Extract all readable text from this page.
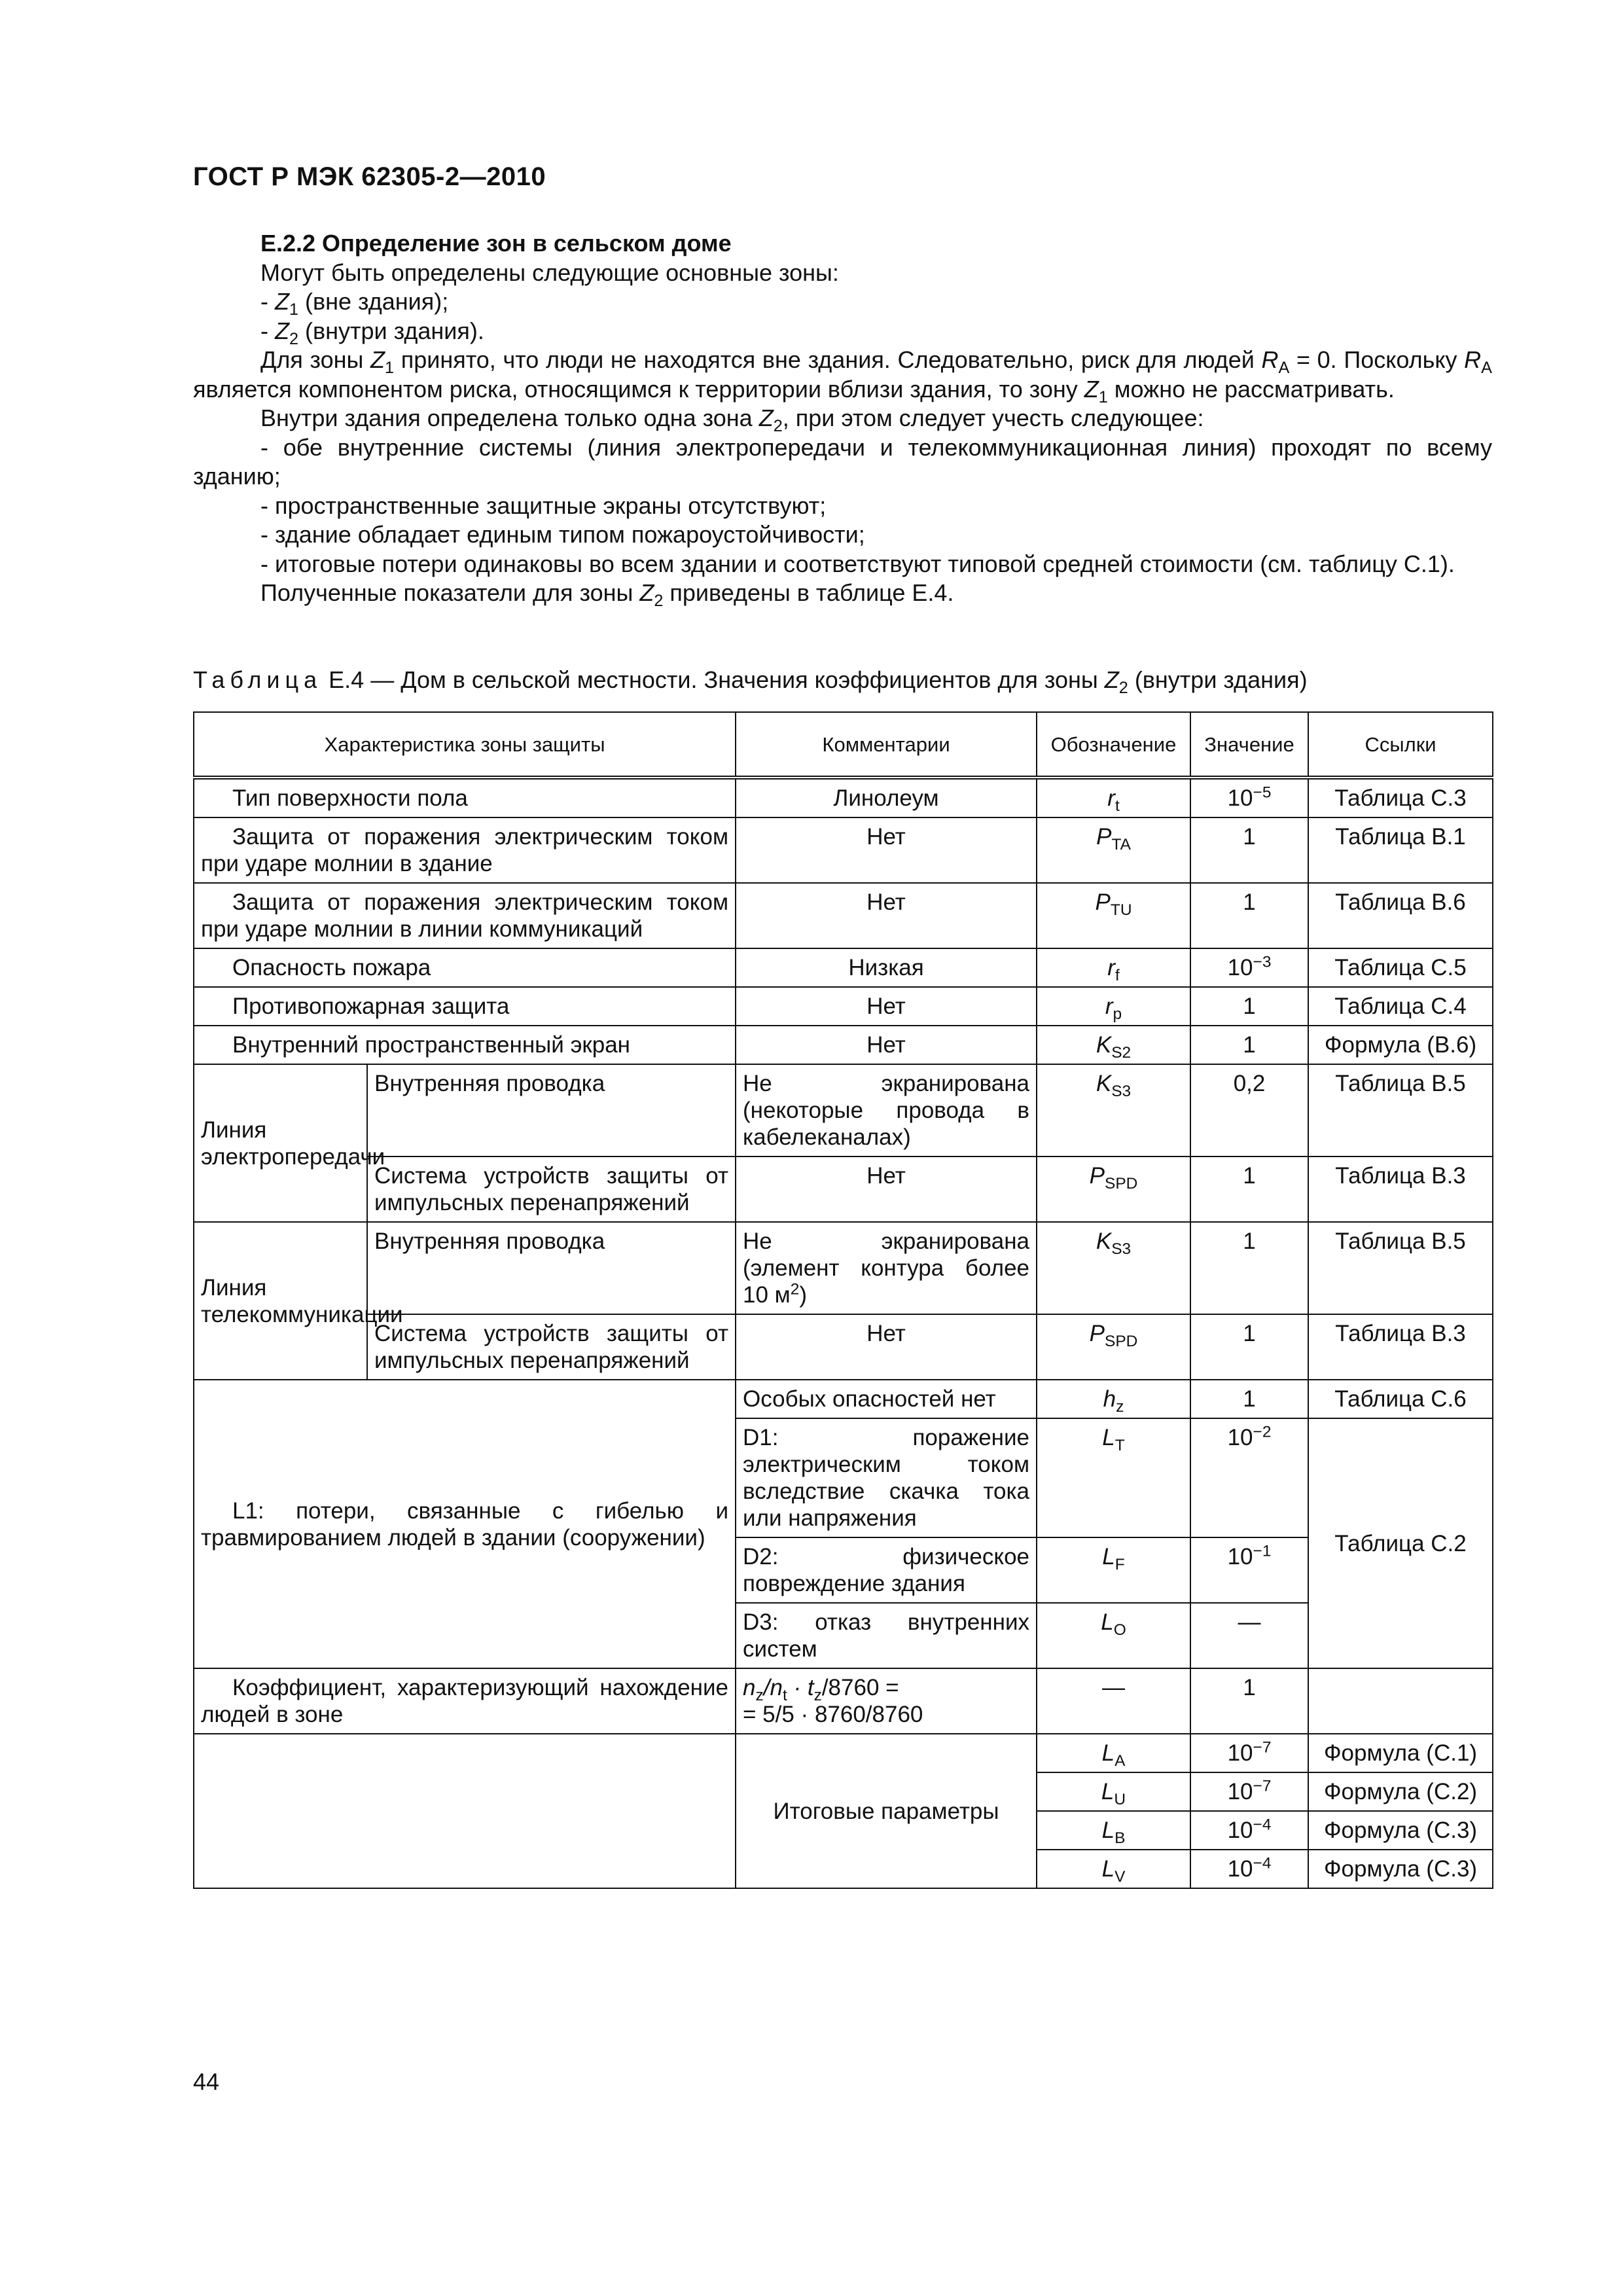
ГОСТ Р МЭК 62305-2—2010

Е.2.2 Определение зон в сельском доме

Могут быть определены следующие основные зоны:

- $Z_1$ (вне здания);

- $Z_2$ (внутри здания).

Для зоны $Z_1$ принято, что люди не находятся вне здания. Следовательно, риск для людей $R_A = 0$. Поскольку $R_A$ является компонентом риска, относящимся к территории вблизи здания, то зону $Z_1$ можно не рассматривать.

Внутри здания определена только одна зона $Z_2$, при этом следует учесть следующее:

- обе внутренние системы (линия электропередачи и телекоммуникационная линия) проходят по всему зданию;

- пространственные защитные экраны отсутствуют;

- здание обладает единым типом пожароустойчивости;

- итоговые потери одинаковы во всем здании и соответствуют типовой средней стоимости (см. таблицу С.1).

Полученные показатели для зоны $Z_2$ приведены в таблице Е.4.

Таблица Е.4 — Дом в сельской местности. Значения коэффициентов для зоны $Z_2$ (внутри здания)
Характеристика зоны защиты		Комментарии	Обозначение	Значение	Ссылки
Тип поверхности пола		Линолеум	$r_t$	$10^{-5}$	Таблица С.3
Защита от поражения электрическим током при ударе молнии в здание		Нет	$P_{TA}$	1	Таблица В.1
Защита от поражения электрическим током при ударе молнии в линии коммуникаций		Нет	$P_{TU}$	1	Таблица В.6
Опасность пожара		Низкая	$r_f$	$10^{-3}$	Таблица С.5
Противопожарная защита		Нет	$r_p$	1	Таблица С.4
Внутренний пространственный экран		Нет	$K_{S2}$	1	Формула (В.6)
Линия электропередачи	Внутренняя проводка	Не экранирована (некоторые провода в кабелеканалах)	$K_{S3}$	0,2	Таблица В.5
	Система устройств защиты от импульсных перенапряжений	Нет	$P_{SPD}$	1	Таблица В.3
Линия телекоммуникации	Внутренняя проводка	Не экранирована (элемент контура более 10 $м^2$)	$K_{S3}$	1	Таблица В.5
	Система устройств защиты от импульсных перенапряжений	Нет	$P_{SPD}$	1	Таблица В.3
L1: потери, связанные с гибелью и травмированием людей в здании (сооружении)		Особых опасностей нет	$h_z$	1	Таблица С.6
		D1: поражение электрическим током вследствие скачка тока или напряжения	$L_T$	$10^{-2}$	Таблица С.2
		D2: физическое повреждение здания	$L_F$	$10^{-1}$
		D3: отказ внутренних систем	$L_O$	—	
Коэффициент, характеризующий нахождение людей в зоне		$n_z/n_t \cdot t_z/8760$ =
= 5/5 · 8760/8760	—	1	
		Итоговые параметры	$L_A$	$10^{-7}$	Формула (С.1)
			$L_U$	$10^{-7}$	Формула (С.2)
			$L_B$	$10^{-4}$	Формула (С.3)
			$L_V$	$10^{-4}$	Формула (С.3)
44
